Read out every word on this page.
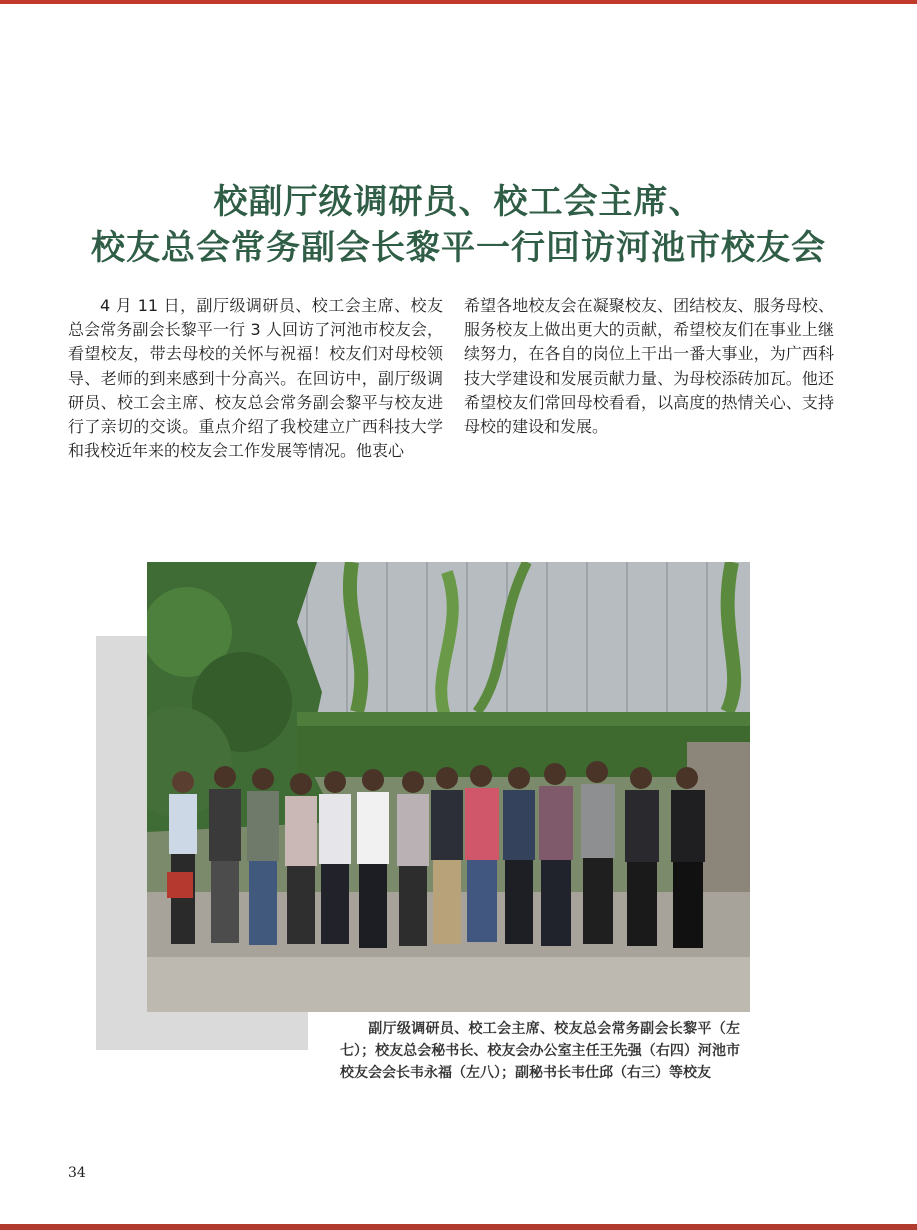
校副厅级调研员、校工会主席、
校友总会常务副会长黎平一行回访河池市校友会

4 月 11 日，副厅级调研员、校工会主席、校友总会常务副会长黎平一行 3 人回访了河池市校友会，看望校友，带去母校的关怀与祝福！校友们对母校领导、老师的到来感到十分高兴。在回访中，副厅级调研员、校工会主席、校友总会常务副会黎平与校友进行了亲切的交谈。重点介绍了我校建立广西科技大学和我校近年来的校友会工作发展等情况。他衷心

希望各地校友会在凝聚校友、团结校友、服务母校、服务校友上做出更大的贡献，希望校友们在事业上继续努力，在各自的岗位上干出一番大事业，为广西科技大学建设和发展贡献力量、为母校添砖加瓦。他还希望校友们常回母校看看，以高度的热情关心、支持母校的建设和发展。

副厅级调研员、校工会主席、校友总会常务副会长黎平（左七）；校友总会秘书长、校友会办公室主任王先强（右四）河池市校友会会长韦永福（左八）；副秘书长韦仕邱（右三）等校友

34
